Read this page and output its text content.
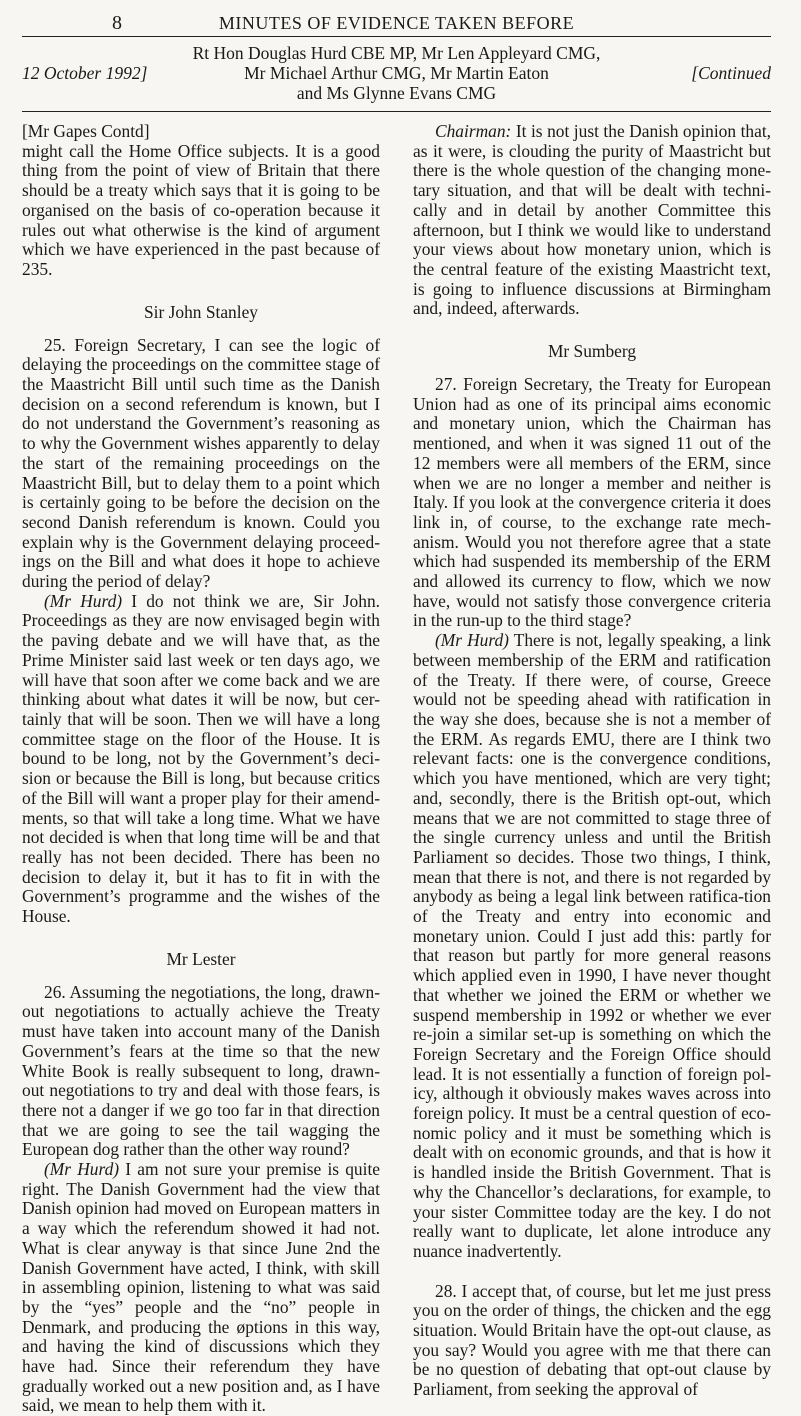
8	MINUTES OF EVIDENCE TAKEN BEFORE
Rt Hon Douglas Hurd CBE MP, Mr Len Appleyard CMG,
Mr Michael Arthur CMG, Mr Martin Eaton
and Ms Glynne Evans CMG
12 October 1992]	[Continued

[Mr Gapes Contd]

might call the Home Office subjects. It is a good thing from the point of view of Britain that there should be a treaty which says that it is going to be organised on the basis of co-operation because it rules out what otherwise is the kind of argument which we have experienced in the past because of 235.

Sir John Stanley

25. Foreign Secretary, I can see the logic of delaying the proceedings on the committee stage of the Maastricht Bill until such time as the Danish decision on a second referendum is known, but I do not understand the Government’s reasoning as to why the Government wishes apparently to delay the start of the remaining proceedings on the Maastricht Bill, but to delay them to a point which is certainly going to be before the decision on the second Danish referendum is known. Could you explain why is the Government delaying proceed-ings on the Bill and what does it hope to achieve during the period of delay?

(Mr Hurd) I do not think we are, Sir John. Proceedings as they are now envisaged begin with the paving debate and we will have that, as the Prime Minister said last week or ten days ago, we will have that soon after we come back and we are thinking about what dates it will be now, but cer-tainly that will be soon. Then we will have a long committee stage on the floor of the House. It is bound to be long, not by the Government’s deci-sion or because the Bill is long, but because critics of the Bill will want a proper play for their amend-ments, so that will take a long time. What we have not decided is when that long time will be and that really has not been decided. There has been no decision to delay it, but it has to fit in with the Government’s programme and the wishes of the House.

Mr Lester

26. Assuming the negotiations, the long, drawn-out negotiations to actually achieve the Treaty must have taken into account many of the Danish Government’s fears at the time so that the new White Book is really subsequent to long, drawn-out negotiations to try and deal with those fears, is there not a danger if we go too far in that direction that we are going to see the tail wagging the European dog rather than the other way round?

(Mr Hurd) I am not sure your premise is quite right. The Danish Government had the view that Danish opinion had moved on European matters in a way which the referendum showed it had not. What is clear anyway is that since June 2nd the Danish Government have acted, I think, with skill in assembling opinion, listening to what was said by the “yes” people and the “no” people in Denmark, and producing the øptions in this way, and having the kind of discussions which they have had. Since their referendum they have gradually worked out a new position and, as I have said, we mean to help them with it.

Chairman: It is not just the Danish opinion that, as it were, is clouding the purity of Maastricht but there is the whole question of the changing mone-tary situation, and that will be dealt with techni-cally and in detail by another Committee this afternoon, but I think we would like to understand your views about how monetary union, which is the central feature of the existing Maastricht text, is going to influence discussions at Birmingham and, indeed, afterwards.

Mr Sumberg

27. Foreign Secretary, the Treaty for European Union had as one of its principal aims economic and monetary union, which the Chairman has mentioned, and when it was signed 11 out of the 12 members were all members of the ERM, since when we are no longer a member and neither is Italy. If you look at the convergence criteria it does link in, of course, to the exchange rate mech-anism. Would you not therefore agree that a state which had suspended its membership of the ERM and allowed its currency to flow, which we now have, would not satisfy those convergence criteria in the run-up to the third stage?

(Mr Hurd) There is not, legally speaking, a link between membership of the ERM and ratification of the Treaty. If there were, of course, Greece would not be speeding ahead with ratification in the way she does, because she is not a member of the ERM. As regards EMU, there are I think two relevant facts: one is the convergence conditions, which you have mentioned, which are very tight; and, secondly, there is the British opt-out, which means that we are not committed to stage three of the single currency unless and until the British Parliament so decides. Those two things, I think, mean that there is not, and there is not regarded by anybody as being a legal link between ratifica-tion of the Treaty and entry into economic and monetary union. Could I just add this: partly for that reason but partly for more general reasons which applied even in 1990, I have never thought that whether we joined the ERM or whether we suspend membership in 1992 or whether we ever re-join a similar set-up is something on which the Foreign Secretary and the Foreign Office should lead. It is not essentially a function of foreign pol-icy, although it obviously makes waves across into foreign policy. It must be a central question of eco-nomic policy and it must be something which is dealt with on economic grounds, and that is how it is handled inside the British Government. That is why the Chancellor’s declarations, for example, to your sister Committee today are the key. I do not really want to duplicate, let alone introduce any nuance inadvertently.

28. I accept that, of course, but let me just press you on the order of things, the chicken and the egg situation. Would Britain have the opt-out clause, as you say? Would you agree with me that there can be no question of debating that opt-out clause by Parliament, from seeking the approval of
